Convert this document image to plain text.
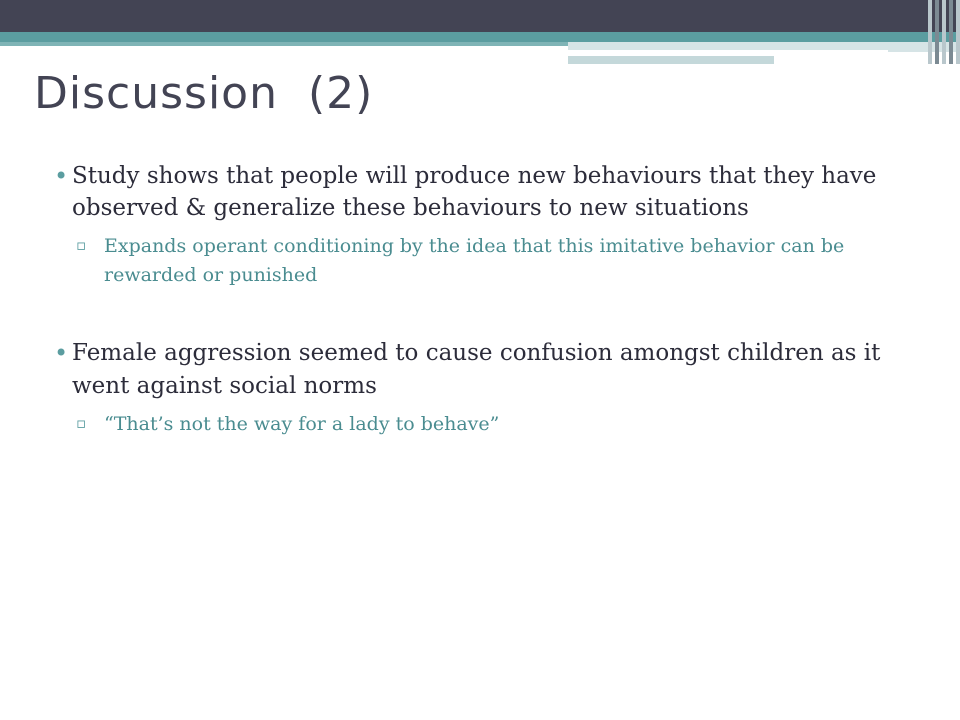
Discussion  (2)
• Study shows that people will produce new behaviours that they have observed & generalize these behaviours to new situations
▫ Expands operant conditioning by the idea that this imitative behavior can be rewarded or punished
• Female aggression seemed to cause confusion amongst children as it went against social norms
▫ “That’s not the way for a lady to behave”
